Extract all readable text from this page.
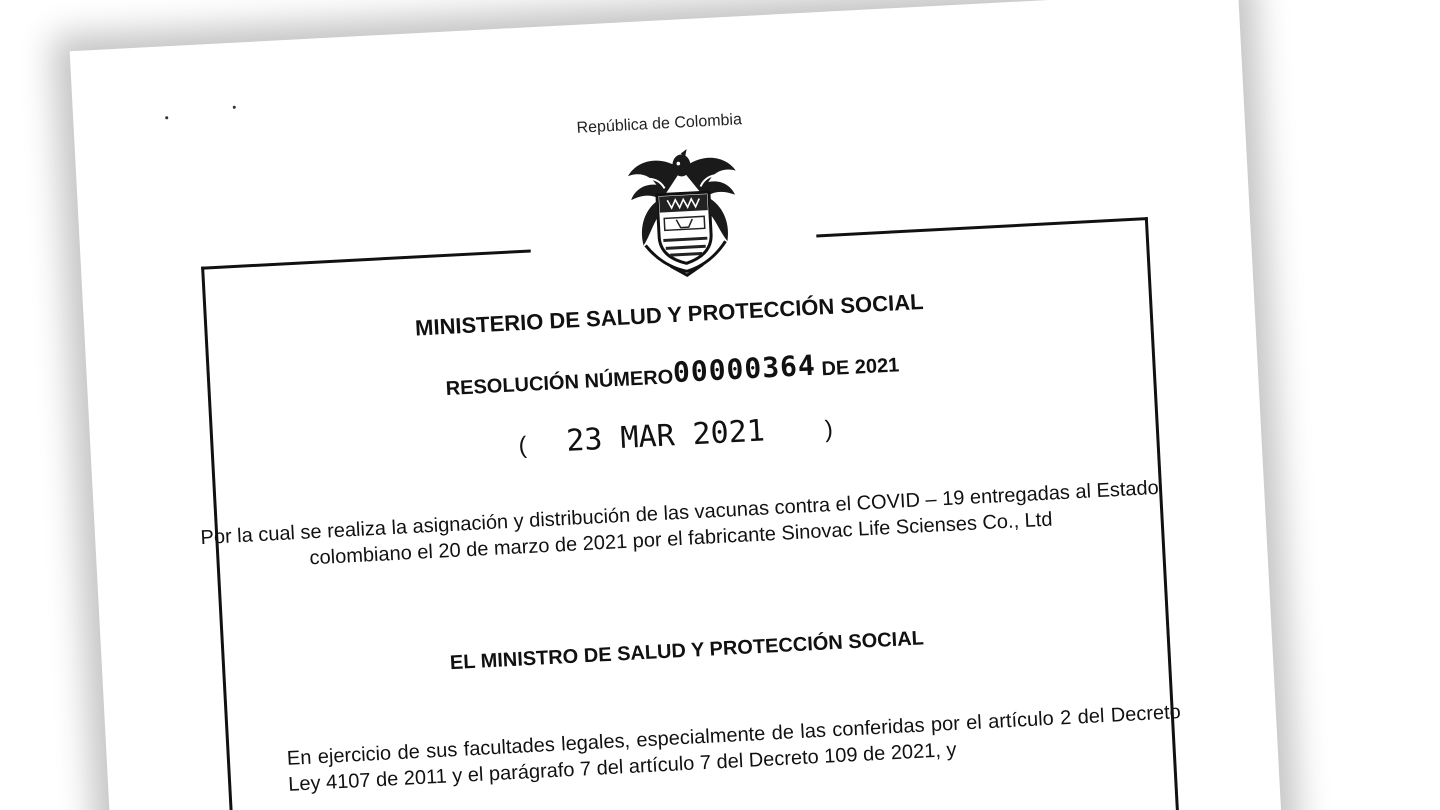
República de Colombia
MINISTERIO DE SALUD Y PROTECCIÓN SOCIAL
RESOLUCIÓN NÚMERO00000364 DE 2021
( 23 MAR 2021 )
Por la cual se realiza la asignación y distribución de las vacunas contra el COVID – 19 entregadas al Estado colombiano el 20 de marzo de 2021 por el fabricante Sinovac Life Scienses Co., Ltd
EL MINISTRO DE SALUD Y PROTECCIÓN SOCIAL
En ejercicio de sus facultades legales, especialmente de las conferidas por el artículo 2 del Decreto Ley 4107 de 2011 y el parágrafo 7 del artículo 7 del Decreto 109 de 2021, y
